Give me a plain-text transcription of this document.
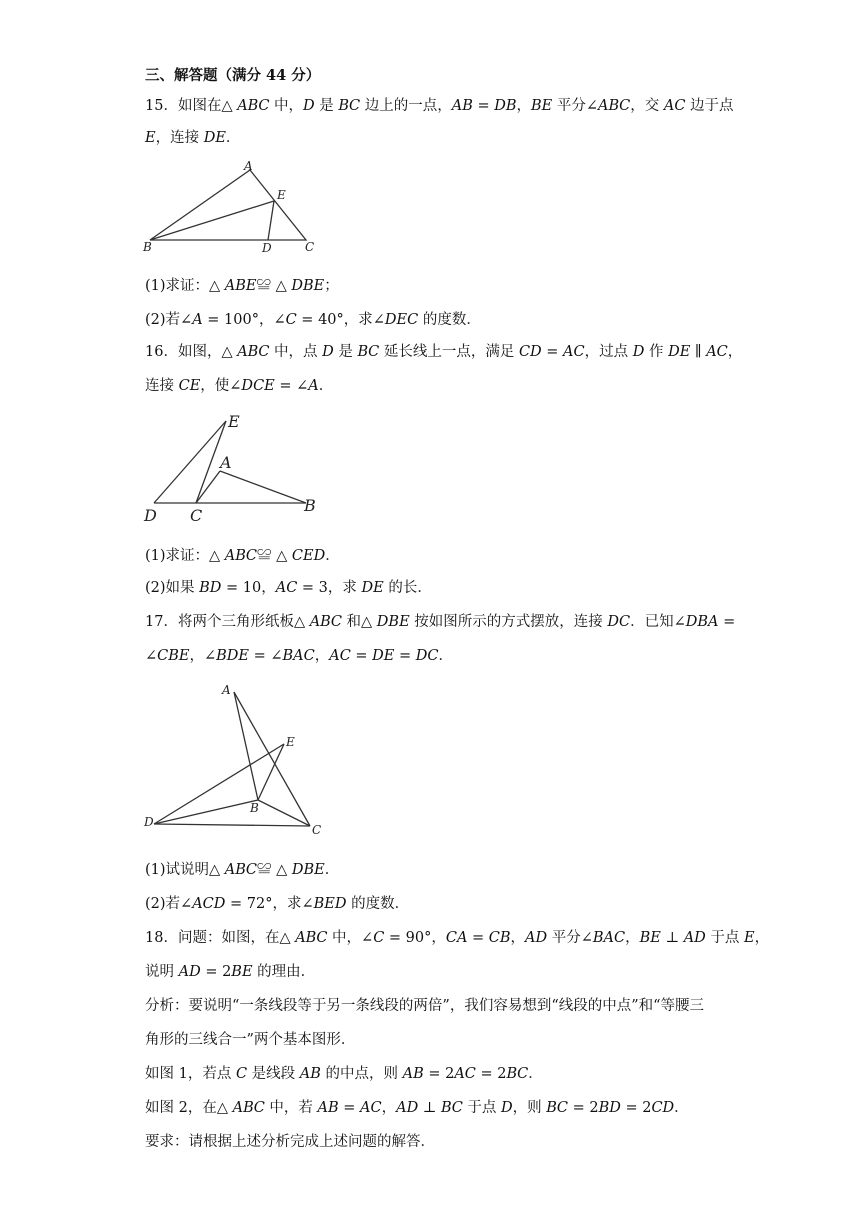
三、解答题（满分 44 分）
15．如图在△ 𝐴𝐵𝐶 中，𝐷 是 𝐵𝐶 边上的一点，𝐴𝐵 = 𝐷𝐵，𝐵𝐸 平分∠𝐴𝐵𝐶，交 𝐴𝐶 边于点
𝐸，连接 𝐷𝐸．
A
E
B	D	C
(1)求证：△ 𝐴𝐵𝐸≌ △ 𝐷𝐵𝐸；
(2)若∠𝐴 = 100°，∠𝐶 = 40°，求∠𝐷𝐸𝐶 的度数．
16．如图，△ 𝐴𝐵𝐶 中，点 𝐷 是 𝐵𝐶 延长线上一点，满足 𝐶𝐷 = 𝐴𝐶，过点 𝐷 作 𝐷𝐸 ∥ 𝐴𝐶，
连接 𝐶𝐸，使∠𝐷𝐶𝐸 = ∠𝐴．
E
A
D C
B
(1)求证：△ 𝐴𝐵𝐶≌ △ 𝐶𝐸𝐷．
(2)如果 𝐵𝐷 = 10，𝐴𝐶 = 3，求 𝐷𝐸 的长．
17．将两个三角形纸板△ 𝐴𝐵𝐶 和△ 𝐷𝐵𝐸 按如图所示的方式摆放，连接 𝐷𝐶．已知∠𝐷𝐵𝐴 =
∠𝐶𝐵𝐸，∠𝐵𝐷𝐸 = ∠𝐵𝐴𝐶，𝐴𝐶 = 𝐷𝐸 = 𝐷𝐶．
A
E
B
D
C
(1)试说明△ 𝐴𝐵𝐶≌ △ 𝐷𝐵𝐸．
(2)若∠𝐴𝐶𝐷 = 72°，求∠𝐵𝐸𝐷 的度数．
18．问题：如图，在△ 𝐴𝐵𝐶 中，∠𝐶 = 90°，𝐶𝐴 = 𝐶𝐵，𝐴𝐷 平分∠𝐵𝐴𝐶，𝐵𝐸 ⊥ 𝐴𝐷 于点 𝐸，
说明 𝐴𝐷 = 2𝐵𝐸 的理由．
分析：要说明“一条线段等于另一条线段的两倍”，我们容易想到“线段的中点”和“等腰三
角形的三线合一”两个基本图形．
如图 1，若点 𝐶 是线段 𝐴𝐵 的中点，则 𝐴𝐵 = 2𝐴𝐶 = 2𝐵𝐶．
如图 2，在△ 𝐴𝐵𝐶 中，若 𝐴𝐵 = 𝐴𝐶，𝐴𝐷 ⊥ 𝐵𝐶 于点 𝐷，则 𝐵𝐶 = 2𝐵𝐷 = 2𝐶𝐷．
要求：请根据上述分析完成上述问题的解答．
